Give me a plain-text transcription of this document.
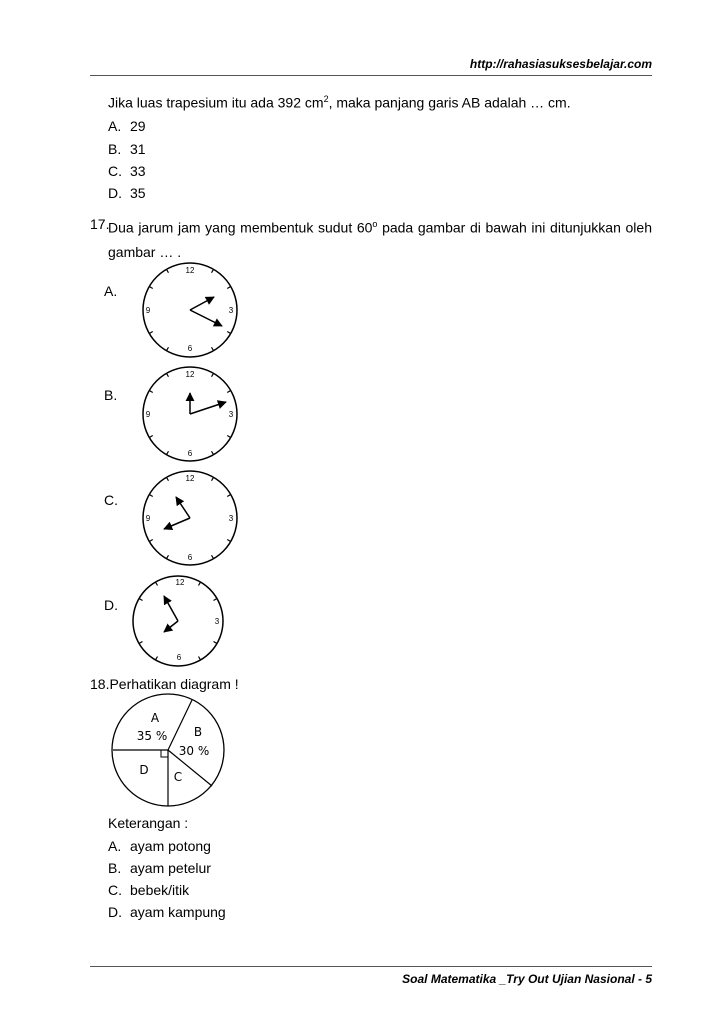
http://rahasiasuksesbelajar.com
Jika luas trapesium itu ada 392 $cm^2$, maka panjang garis AB adalah … cm.
A. 29
B. 31
C. 33
D. 35
17.
Dua jarum jam yang membentuk sudut 60$^o$ pada gambar di bawah ini ditunjukkan oleh gambar … .
A.
B.
C.
D.
12
3
6
9
12
3
6
9
12
3
6
9
12
3
6
A
35 % B
30 %
C
D
18.Perhatikan diagram !
Keterangan :
A. ayam potong
B. ayam petelur
C. bebek/itik
D. ayam kampung
Soal Matematika _Try Out Ujian Nasional - 5
